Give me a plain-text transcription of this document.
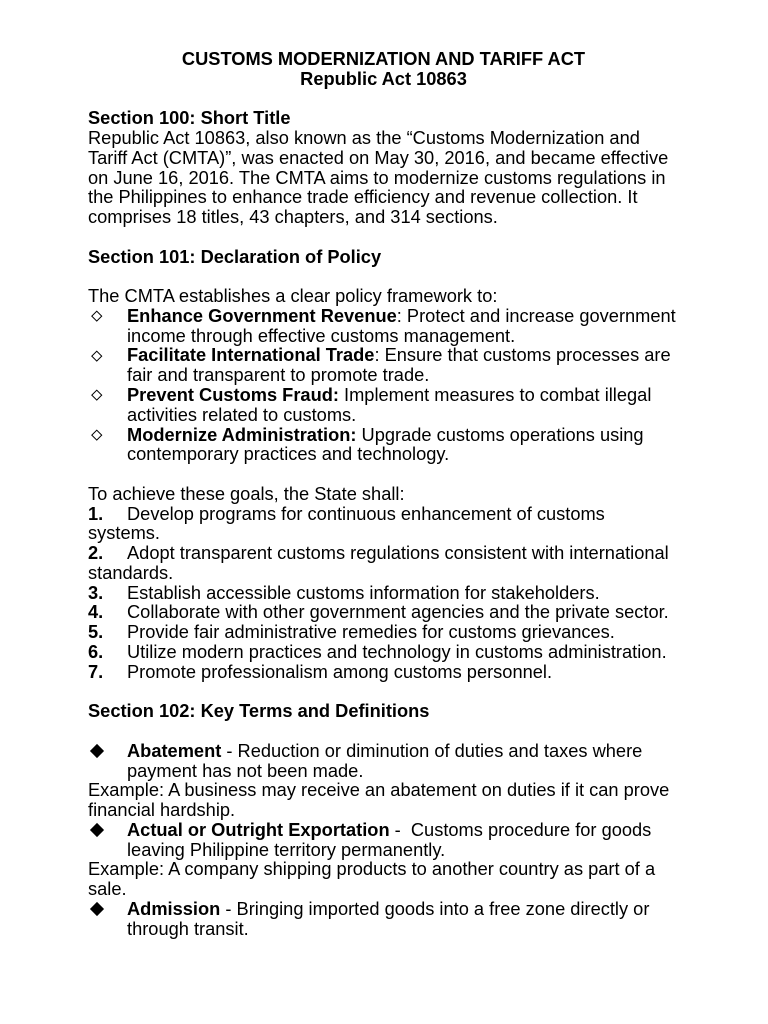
CUSTOMS MODERNIZATION AND TARIFF ACT

Republic Act 10863

Section 100: Short Title

Republic Act 10863, also known as the “Customs Modernization and Tariff Act (CMTA)”, was enacted on May 30, 2016, and became effective on June 16, 2016. The CMTA aims to modernize customs regulations in the Philippines to enhance trade efficiency and revenue collection. It comprises 18 titles, 43 chapters, and 314 sections.

Section 101: Declaration of Policy

The CMTA establishes a clear policy framework to:

Enhance Government Revenue: Protect and increase government income through effective customs management.

Facilitate International Trade: Ensure that customs processes are fair and transparent to promote trade.

Prevent Customs Fraud: Implement measures to combat illegal activities related to customs.

Modernize Administration: Upgrade customs operations using contemporary practices and technology.

To achieve these goals, the State shall:

1. Develop programs for continuous enhancement of customs systems.

2. Adopt transparent customs regulations consistent with international standards.

3. Establish accessible customs information for stakeholders.

4. Collaborate with other government agencies and the private sector.

5. Provide fair administrative remedies for customs grievances.

6. Utilize modern practices and technology in customs administration.

7. Promote professionalism among customs personnel.

Section 102: Key Terms and Definitions

Abatement - Reduction or diminution of duties and taxes where payment has not been made.

Example: A business may receive an abatement on duties if it can prove financial hardship.

Actual or Outright Exportation -  Customs procedure for goods leaving Philippine territory permanently.

Example: A company shipping products to another country as part of a sale.

Admission - Bringing imported goods into a free zone directly or through transit.
